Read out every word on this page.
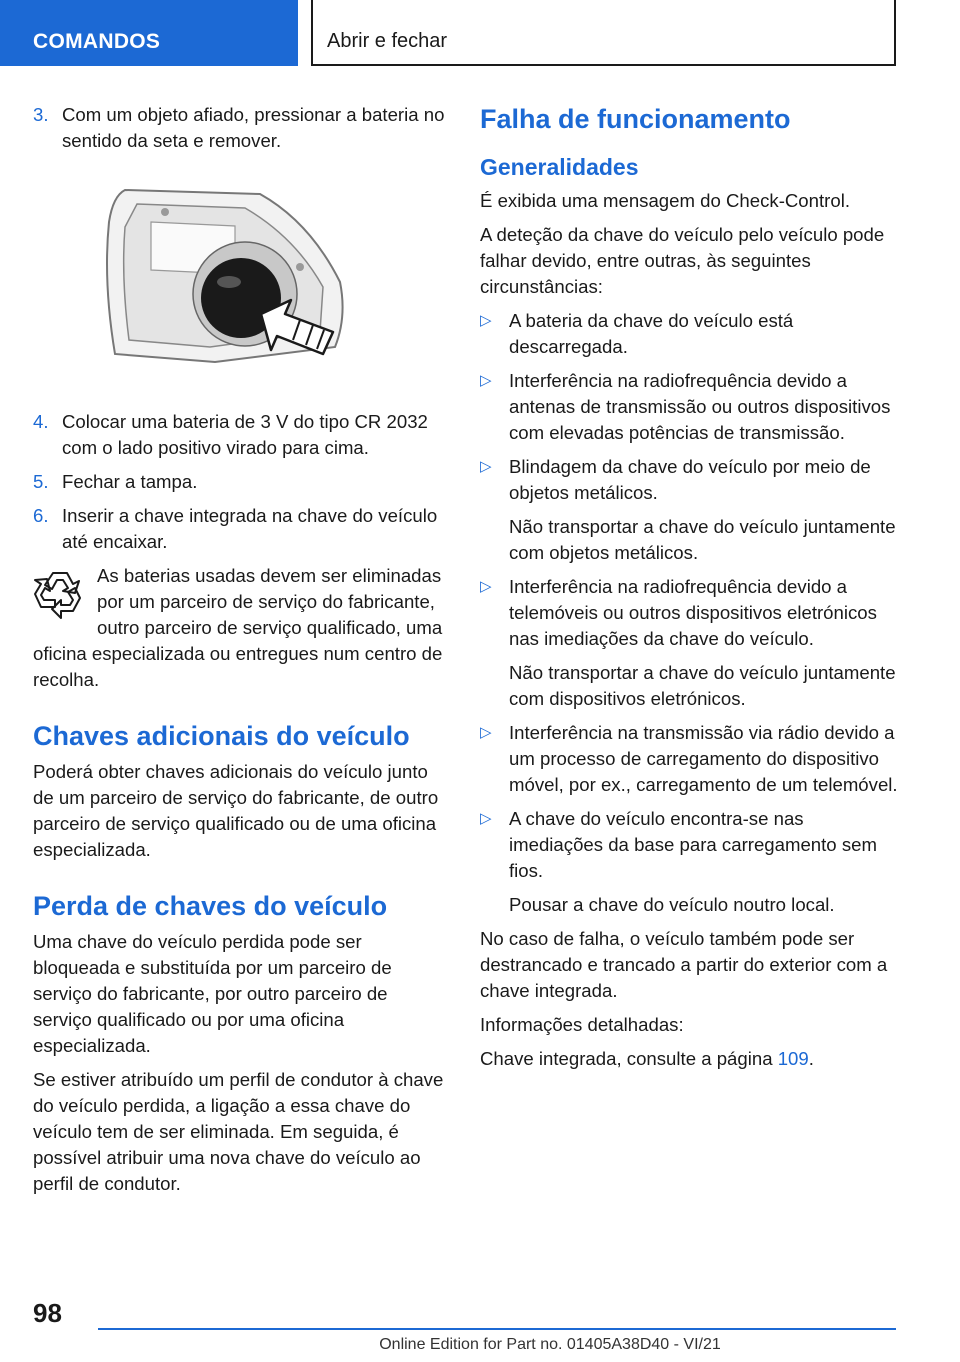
COMANDOS	Abrir e fechar
3. Com um objeto afiado, pressionar a bateria no sentido da seta e remover.
4. Colocar uma bateria de 3 V do tipo CR 2032 com o lado positivo virado para cima.
5. Fechar a tampa.
6. Inserir a chave integrada na chave do veículo até encaixar.

As baterias usadas devem ser eliminadas por um parceiro de serviço do fabricante, outro parceiro de serviço qualificado, uma oficina especializada ou entregues num centro de recolha.

Chaves adicionais do veículo

Poderá obter chaves adicionais do veículo junto de um parceiro de serviço do fabricante, de outro parceiro de serviço qualificado ou de uma oficina especializada.

Perda de chaves do veículo

Uma chave do veículo perdida pode ser bloqueada e substituída por um parceiro de serviço do fabricante, por outro parceiro de serviço qualificado ou por uma oficina especializada.

Se estiver atribuído um perfil de condutor à chave do veículo perdida, a ligação a essa chave do veículo tem de ser eliminada. Em seguida, é possível atribuir uma nova chave do veículo ao perfil de condutor.

Falha de funcionamento
Generalidades

É exibida uma mensagem do Check-Control.

A deteção da chave do veículo pelo veículo pode falhar devido, entre outras, às seguintes circunstâncias:

▷ A bateria da chave do veículo está descarregada.
▷ Interferência na radiofrequência devido a antenas de transmissão ou outros dispositivos com elevadas potências de transmissão.
▷ Blindagem da chave do veículo por meio de objetos metálicos.
Não transportar a chave do veículo juntamente com objetos metálicos.
▷ Interferência na radiofrequência devido a telemóveis ou outros dispositivos eletrónicos nas imediações da chave do veículo.
Não transportar a chave do veículo juntamente com dispositivos eletrónicos.
▷ Interferência na transmissão via rádio devido a um processo de carregamento do dispositivo móvel, por ex., carregamento de um telemóvel.
▷ A chave do veículo encontra-se nas imediações da base para carregamento sem fios.
Pousar a chave do veículo noutro local.

No caso de falha, o veículo também pode ser destrancado e trancado a partir do exterior com a chave integrada.

Informações detalhadas:

Chave integrada, consulte a página 109.

98
Online Edition for Part no. 01405A38D40 - VI/21
